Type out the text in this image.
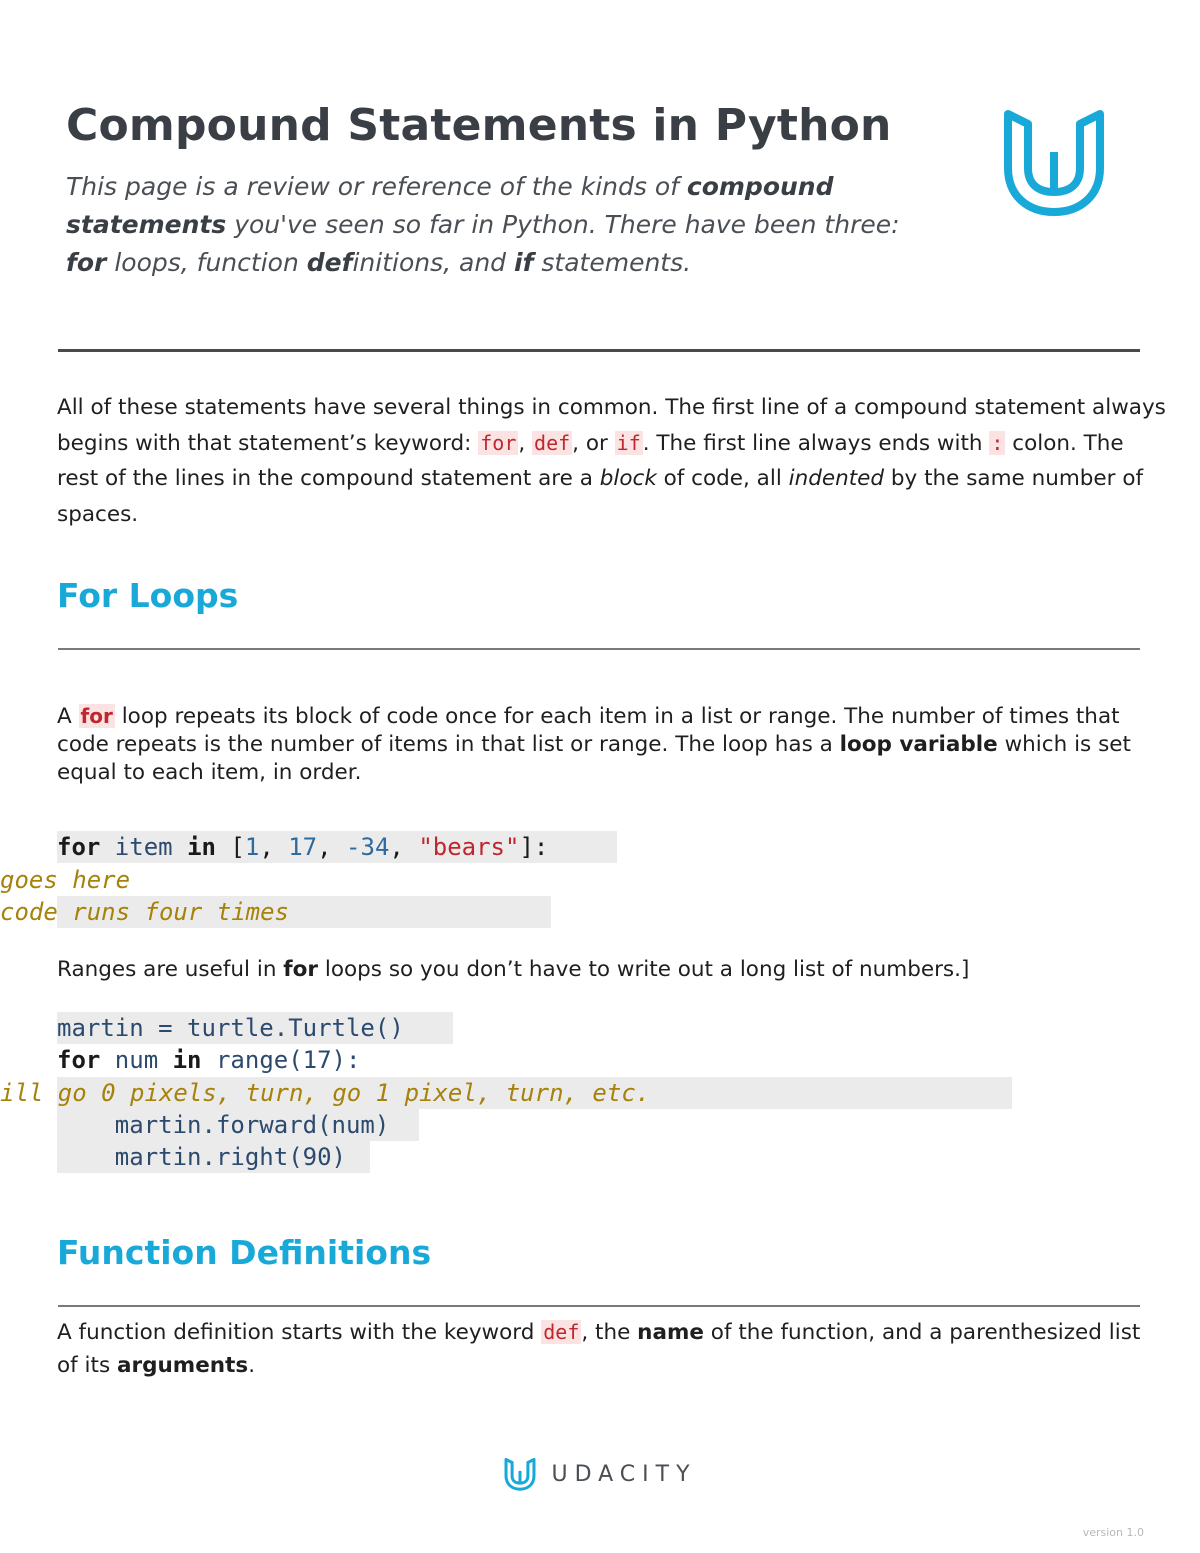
Compound Statements in Python

This page is a review or reference of the kinds of compound statements you've seen so far in Python. There have been three: for loops, function definitions, and if statements.

All of these statements have several things in common. The first line of a compound statement always begins with that statement’s keyword: for, def, or if. The first line always ends with : colon. The rest of the lines in the compound statement are a block of code, all indented by the same number of spaces.

For Loops

A for loop repeats its block of code once for each item in a list or range. The number of times that code repeats is the number of items in that list or range. The loop has a loop variable which is set equal to each item, in order.

for item in [1, 17, -34, "bears"]:

goes here

code runs four times

Ranges are useful in for loops so you don’t have to write out a long list of numbers.]

martin = turtle.Turtle()

for num in range(17):

ill go 0 pixels, turn, go 1 pixel, turn, etc.

martin.forward(num)

martin.right(90)

Function Definitions

A function definition starts with the keyword def, the name of the function, and a parenthesized list of its arguments.

UDACITY
version 1.0
